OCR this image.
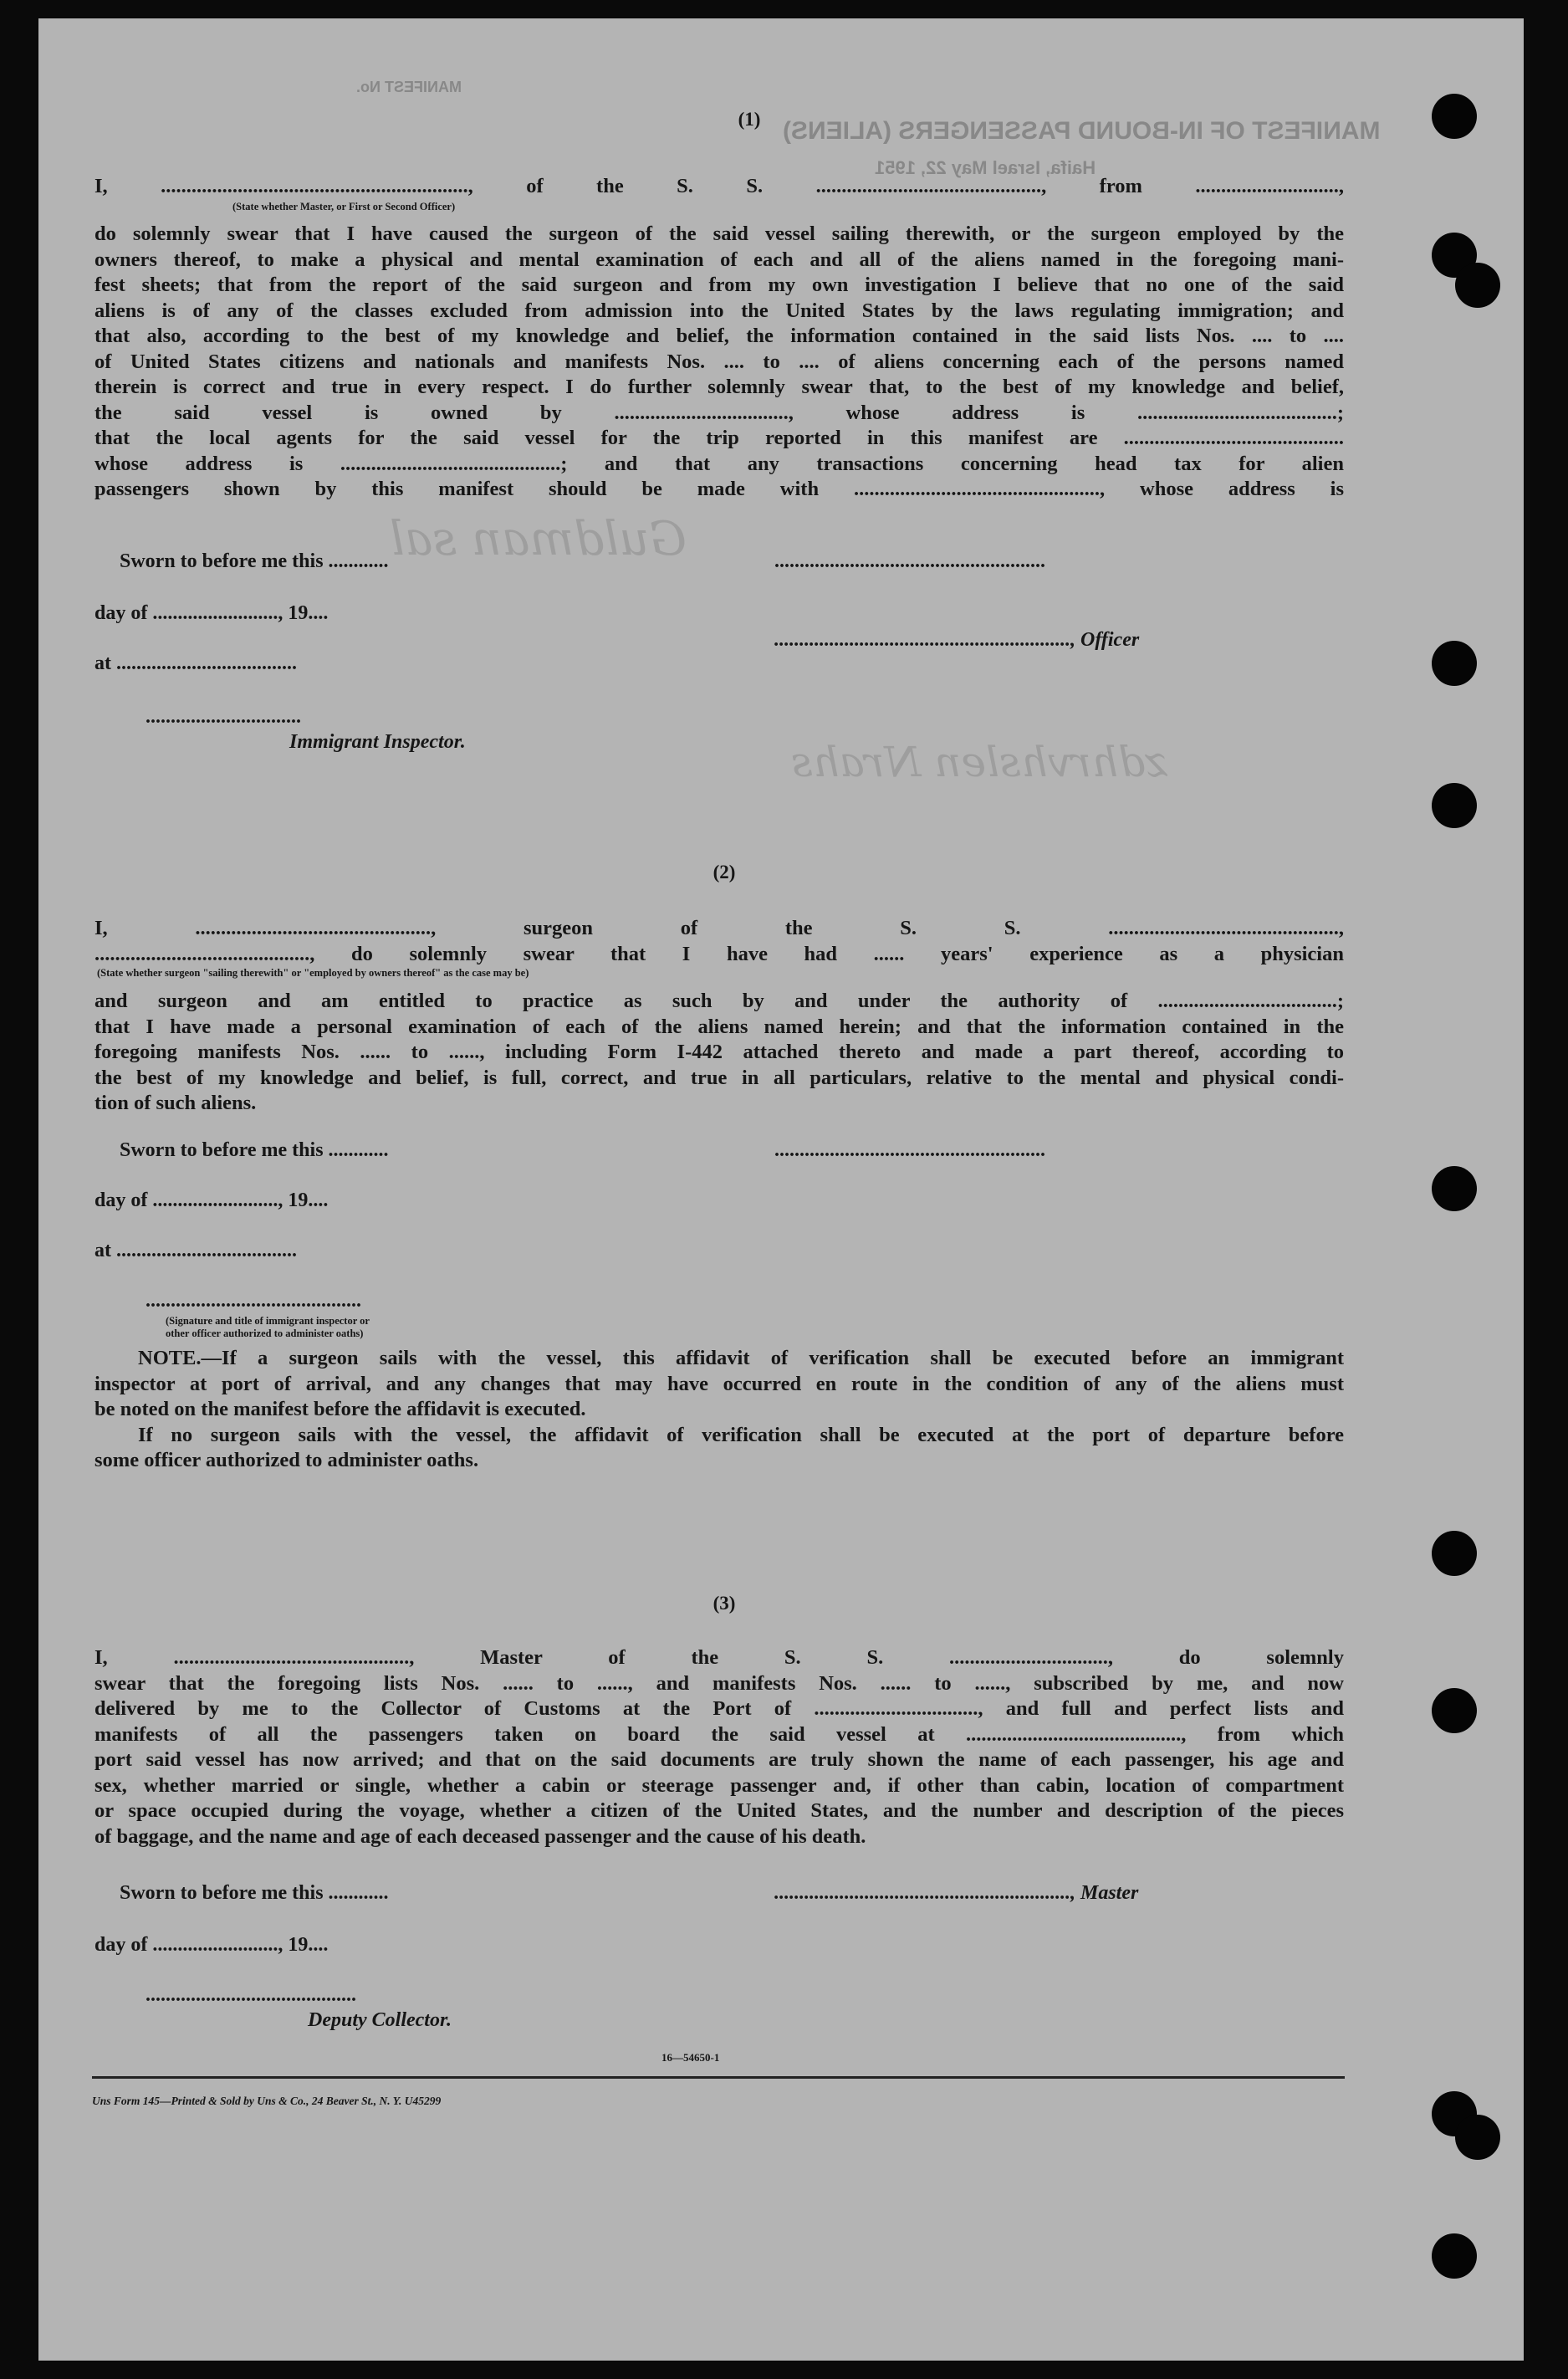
MANIFEST OF IN-BOUND PASSENGERS (ALIENS)
Haifa, Israel May 22, 1951
MANIFEST No.
(1)
I, ............................................................, of the S. S. ............................................, from ............................,
(State whether Master, or First or Second Officer)

do solemnly swear that I have caused the surgeon of the said vessel sailing therewith, or the surgeon employed by the

owners thereof, to make a physical and mental examination of each and all of the aliens named in the foregoing mani-

fest sheets; that from the report of the said surgeon and from my own investigation I believe that no one of the said

aliens is of any of the classes excluded from admission into the United States by the laws regulating immigration; and

that also, according to the best of my knowledge and belief, the information contained in the said lists Nos. .... to ....

of United States citizens and nationals and manifests Nos. .... to .... of aliens concerning each of the persons named

therein is correct and true in every respect. I do further solemnly swear that, to the best of my knowledge and belief,

the said vessel is owned by .................................., whose address is .......................................;

that the local agents for the said vessel for the trip reported in this manifest are ...........................................

whose address is ...........................................; and that any transactions concerning head tax for alien

passengers shown by this manifest should be made with ................................................, whose address is

Sworn to before me this ............	......................................................
day of ........................., 19....
..........................................................., Officer
at ....................................
...............................
Immigrant Inspector.
Guldman sal
zdhrvhslen Nrahs
(2)
I, .............................................., surgeon of the S. S. .............................................,
.........................................., do solemnly swear that I have had ...... years' experience as a physician
(State whether surgeon "sailing therewith" or "employed by owners thereof" as the case may be)

and surgeon and am entitled to practice as such by and under the authority of ...................................;

that I have made a personal examination of each of the aliens named herein; and that the information contained in the

foregoing manifests Nos. ...... to ......, including Form I-442 attached thereto and made a part thereof, according to

the best of my knowledge and belief, is full, correct, and true in all particulars, relative to the mental and physical condi-

tion of such aliens.

Sworn to before me this ............	......................................................
day of ........................., 19....
at ....................................
...........................................
(Signature and title of immigrant inspector or
other officer authorized to administer oaths)

NOTE.—If a surgeon sails with the vessel, this affidavit of verification shall be executed before an immigrant

inspector at port of arrival, and any changes that may have occurred en route in the condition of any of the aliens must

be noted on the manifest before the affidavit is executed.

If no surgeon sails with the vessel, the affidavit of verification shall be executed at the port of departure before

some officer authorized to administer oaths.

(3)

I, .............................................., Master of the S. S. ..............................., do solemnly

swear that the foregoing lists Nos. ...... to ......, and manifests Nos. ...... to ......, subscribed by me, and now

delivered by me to the Collector of Customs at the Port of ................................, and full and perfect lists and

manifests of all the passengers taken on board the said vessel at .........................................., from which

port said vessel has now arrived; and that on the said documents are truly shown the name of each passenger, his age and

sex, whether married or single, whether a cabin or steerage passenger and, if other than cabin, location of compartment

or space occupied during the voyage, whether a citizen of the United States, and the number and description of the pieces

of baggage, and the name and age of each deceased passenger and the cause of his death.

Sworn to before me this ............	..........................................................., Master
day of ........................., 19....
..........................................
Deputy Collector.
16—54650-1
Uns Form 145—Printed & Sold by Uns & Co., 24 Beaver St., N. Y. U45299
